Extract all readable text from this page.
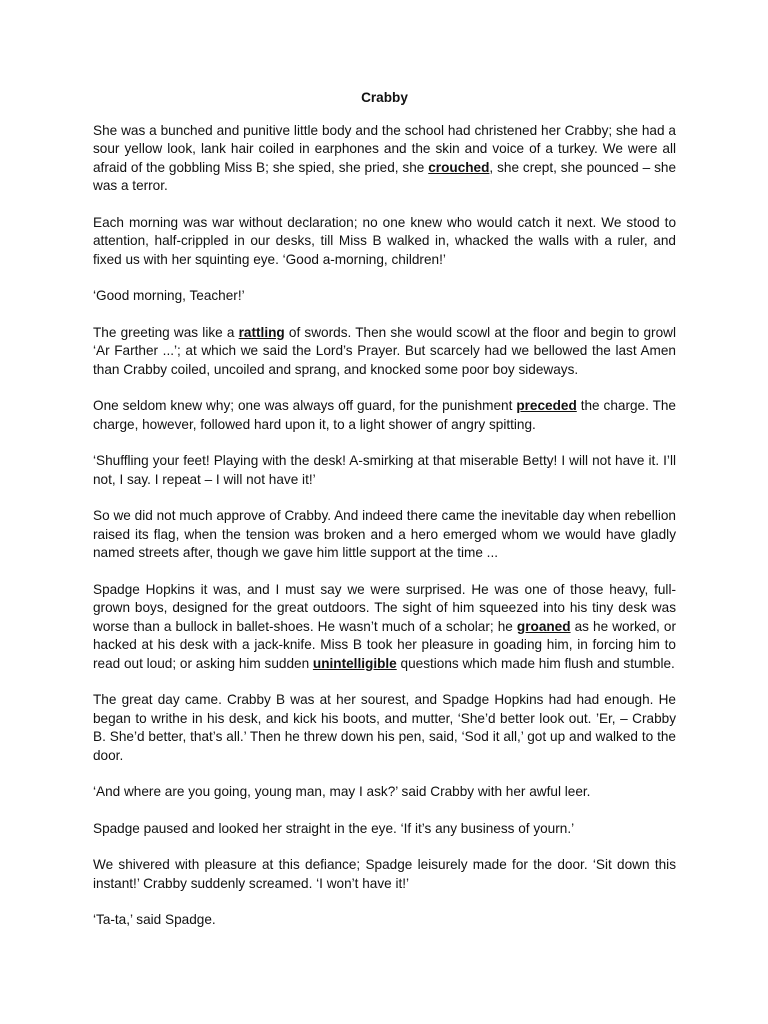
Crabby

She was a bunched and punitive little body and the school had christened her Crabby; she had a sour yellow look, lank hair coiled in earphones and the skin and voice of a turkey. We were all afraid of the gobbling Miss B; she spied, she pried, she crouched, she crept, she pounced – she was a terror.

Each morning was war without declaration; no one knew who would catch it next. We stood to attention, half-crippled in our desks, till Miss B walked in, whacked the walls with a ruler, and fixed us with her squinting eye. ‘Good a-morning, children!’

‘Good morning, Teacher!’

The greeting was like a rattling of swords. Then she would scowl at the floor and begin to growl ‘Ar Farther ...’; at which we said the Lord’s Prayer. But scarcely had we bellowed the last Amen than Crabby coiled, uncoiled and sprang, and knocked some poor boy sideways.

One seldom knew why; one was always off guard, for the punishment preceded the charge. The charge, however, followed hard upon it, to a light shower of angry spitting.

‘Shuffling your feet! Playing with the desk! A-smirking at that miserable Betty! I will not have it. I’ll not, I say. I repeat – I will not have it!’

So we did not much approve of Crabby. And indeed there came the inevitable day when rebellion raised its flag, when the tension was broken and a hero emerged whom we would have gladly named streets after, though we gave him little support at the time ...

Spadge Hopkins it was, and I must say we were surprised. He was one of those heavy, full-grown boys, designed for the great outdoors. The sight of him squeezed into his tiny desk was worse than a bullock in ballet-shoes. He wasn’t much of a scholar; he groaned as he worked, or hacked at his desk with a jack-knife. Miss B took her pleasure in goading him, in forcing him to read out loud; or asking him sudden unintelligible questions which made him flush and stumble.

The great day came. Crabby B was at her sourest, and Spadge Hopkins had had enough. He began to writhe in his desk, and kick his boots, and mutter, ‘She’d better look out. ’Er, – Crabby B. She’d better, that’s all.’ Then he threw down his pen, said, ‘Sod it all,’ got up and walked to the door.

‘And where are you going, young man, may I ask?’ said Crabby with her awful leer.

Spadge paused and looked her straight in the eye. ‘If it’s any business of yourn.’

We shivered with pleasure at this defiance; Spadge leisurely made for the door. ‘Sit down this instant!’ Crabby suddenly screamed. ‘I won’t have it!’

‘Ta-ta,’ said Spadge.
